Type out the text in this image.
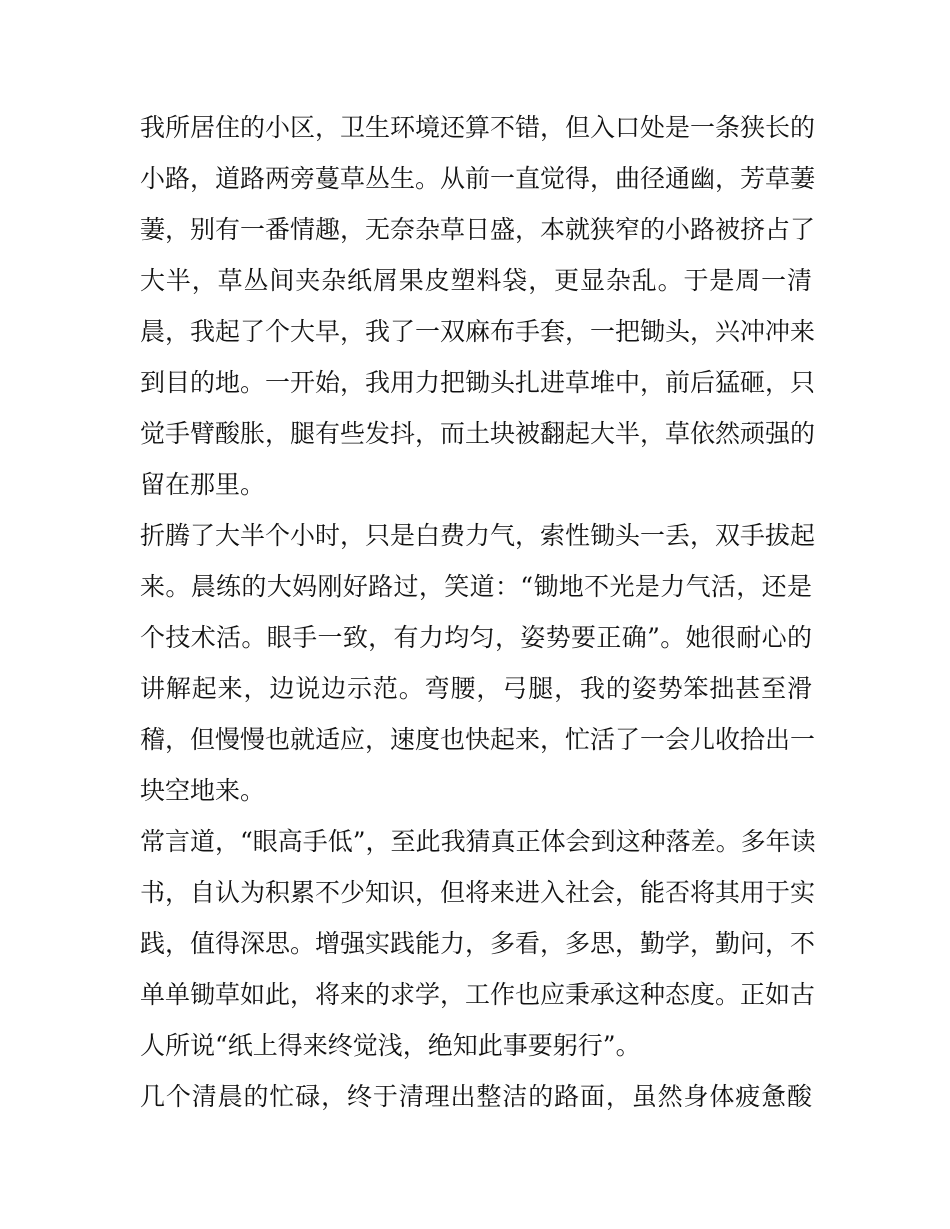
我所居住的小区，卫生环境还算不错，但入口处是一条狭长的
小路，道路两旁蔓草丛生。从前一直觉得，曲径通幽，芳草萋
萋，别有一番情趣，无奈杂草日盛，本就狭窄的小路被挤占了
大半，草丛间夹杂纸屑果皮塑料袋，更显杂乱。于是周一清
晨，我起了个大早，我了一双麻布手套，一把锄头，兴冲冲来
到目的地。一开始，我用力把锄头扎进草堆中，前后猛砸，只
觉手臂酸胀，腿有些发抖，而土块被翻起大半，草依然顽强的
留在那里。
折腾了大半个小时，只是白费力气，索性锄头一丢，双手拔起
来。晨练的大妈刚好路过，笑道：“锄地不光是力气活，还是
个技术活。眼手一致，有力均匀，姿势要正确”。她很耐心的
讲解起来，边说边示范。弯腰，弓腿，我的姿势笨拙甚至滑
稽，但慢慢也就适应，速度也快起来，忙活了一会儿收拾出一
块空地来。
常言道，“眼高手低”，至此我猜真正体会到这种落差。多年读
书，自认为积累不少知识，但将来进入社会，能否将其用于实
践，值得深思。增强实践能力，多看，多思，勤学，勤问，不
单单锄草如此，将来的求学，工作也应秉承这种态度。正如古
人所说“纸上得来终觉浅，绝知此事要躬行”。
几个清晨的忙碌，终于清理出整洁的路面，虽然身体疲惫酸
